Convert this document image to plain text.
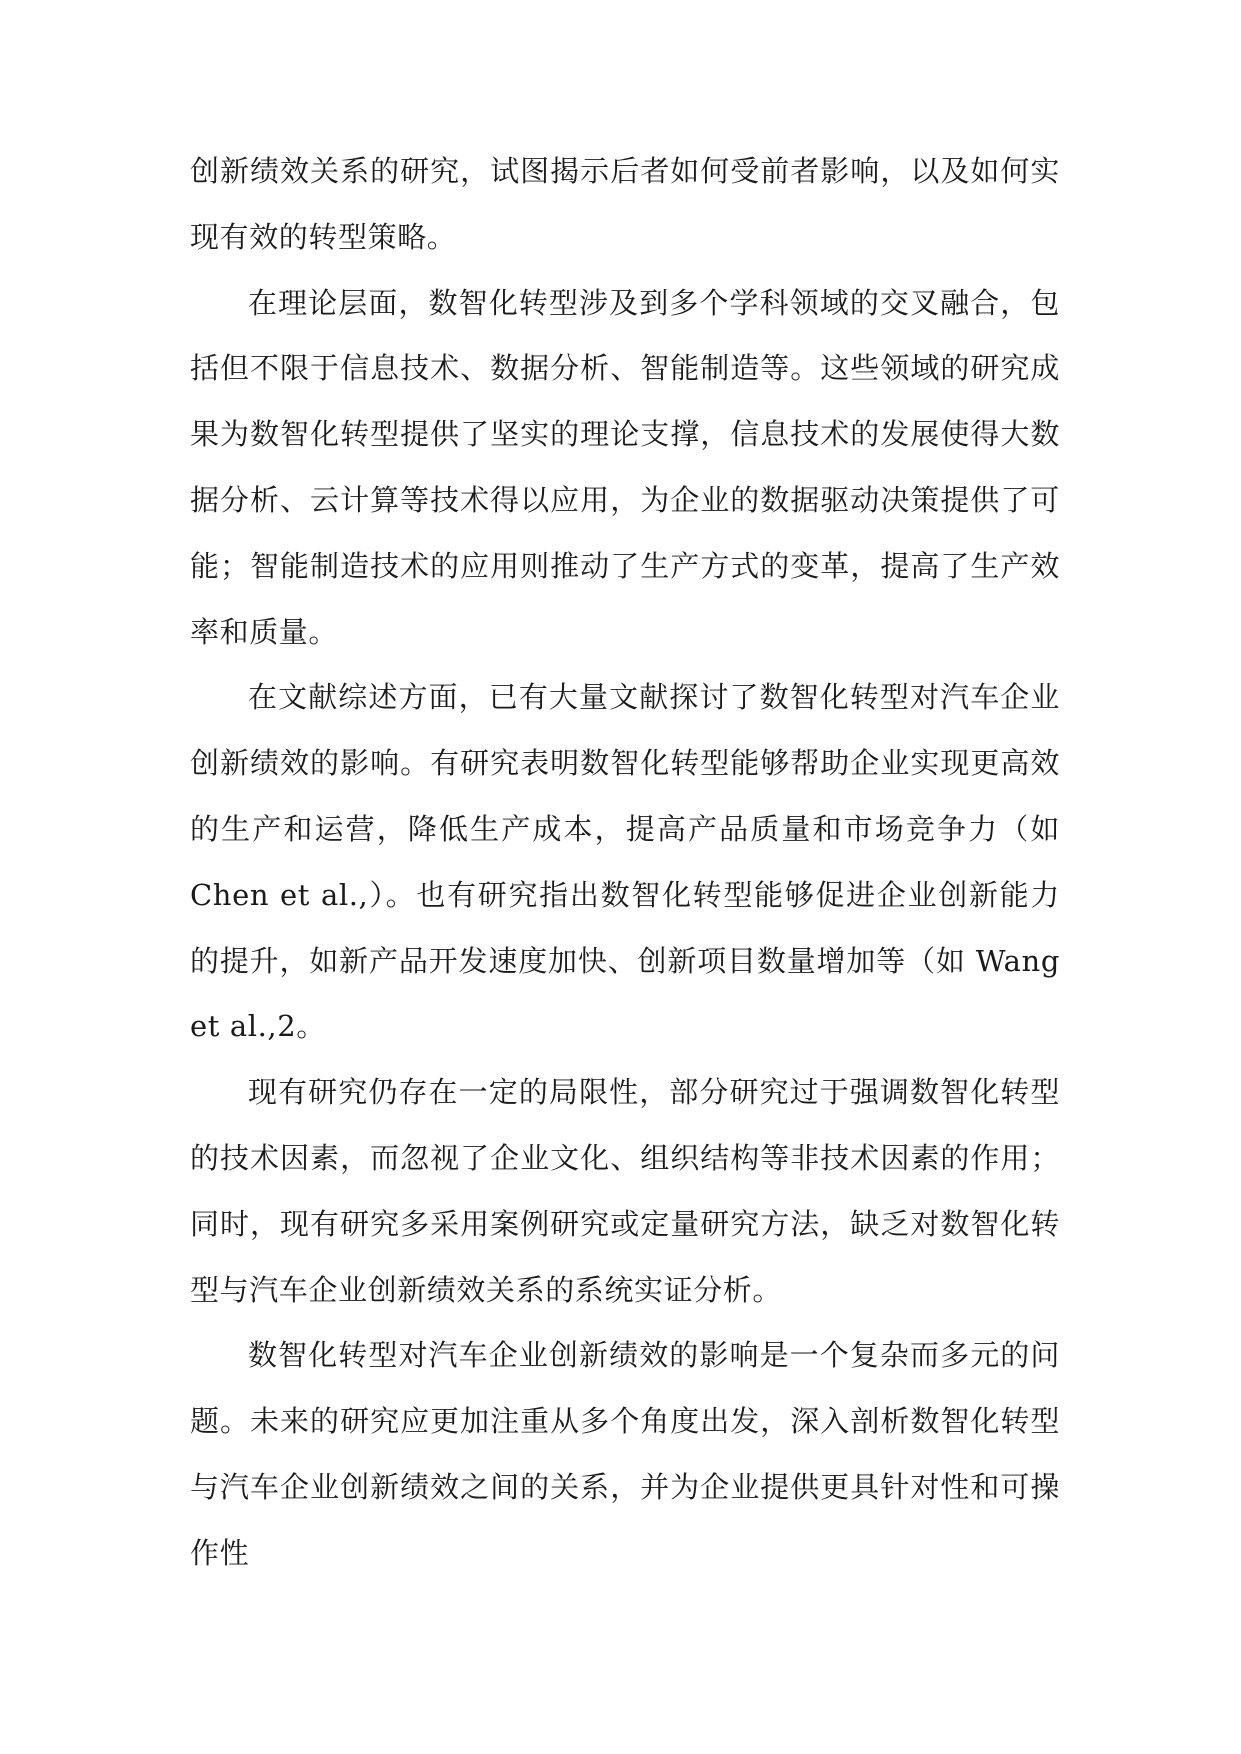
创新绩效关系的研究，试图揭示后者如何受前者影响，以及如何实现有效的转型策略。

在理论层面，数智化转型涉及到多个学科领域的交叉融合，包括但不限于信息技术、数据分析、智能制造等。这些领域的研究成果为数智化转型提供了坚实的理论支撑，信息技术的发展使得大数据分析、云计算等技术得以应用，为企业的数据驱动决策提供了可能；智能制造技术的应用则推动了生产方式的变革，提高了生产效率和质量。

在文献综述方面，已有大量文献探讨了数智化转型对汽车企业创新绩效的影响。有研究表明数智化转型能够帮助企业实现更高效的生产和运营，降低生产成本，提高产品质量和市场竞争力（如 Chen et al.,）。也有研究指出数智化转型能够促进企业创新能力的提升，如新产品开发速度加快、创新项目数量增加等（如 Wang et al.,2。

现有研究仍存在一定的局限性，部分研究过于强调数智化转型的技术因素，而忽视了企业文化、组织结构等非技术因素的作用；同时，现有研究多采用案例研究或定量研究方法，缺乏对数智化转型与汽车企业创新绩效关系的系统实证分析。

数智化转型对汽车企业创新绩效的影响是一个复杂而多元的问题。未来的研究应更加注重从多个角度出发，深入剖析数智化转型与汽车企业创新绩效之间的关系，并为企业提供更具针对性和可操作性
